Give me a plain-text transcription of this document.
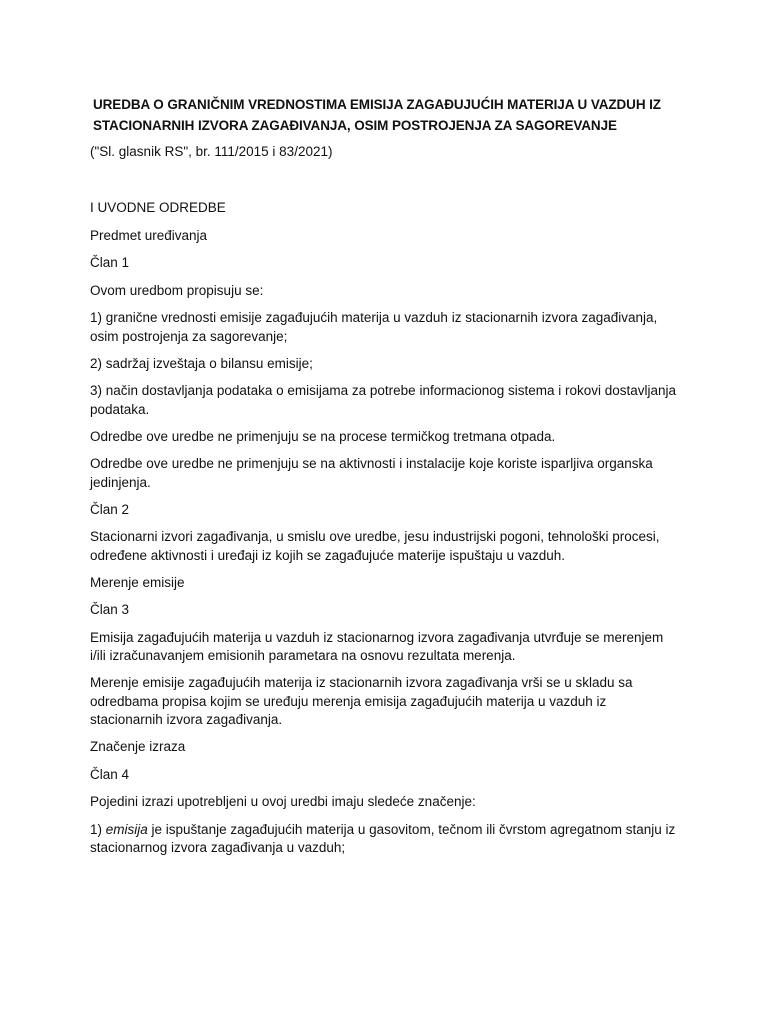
UREDBA O GRANIČNIM VREDNOSTIMA EMISIJA ZAGAĐUJUĆIH MATERIJA U VAZDUH IZ STACIONARNIH IZVORA ZAGAĐIVANJA, OSIM POSTROJENJA ZA SAGOREVANJE
("Sl. glasnik RS", br. 111/2015 i 83/2021)

I UVODNE ODREDBE

Predmet uređivanja

Član 1

Ovom uredbom propisuju se:

1) granične vrednosti emisije zagađujućih materija u vazduh iz stacionarnih izvora zagađivanja, osim postrojenja za sagorevanje;

2) sadržaj izveštaja o bilansu emisije;

3) način dostavljanja podataka o emisijama za potrebe informacionog sistema i rokovi dostavljanja podataka.

Odredbe ove uredbe ne primenjuju se na procese termičkog tretmana otpada.

Odredbe ove uredbe ne primenjuju se na aktivnosti i instalacije koje koriste isparljiva organska jedinjenja.

Član 2

Stacionarni izvori zagađivanja, u smislu ove uredbe, jesu industrijski pogoni, tehnološki procesi, određene aktivnosti i uređaji iz kojih se zagađujuće materije ispuštaju u vazduh.

Merenje emisije

Član 3

Emisija zagađujućih materija u vazduh iz stacionarnog izvora zagađivanja utvrđuje se merenjem i/ili izračunavanjem emisionih parametara na osnovu rezultata merenja.

Merenje emisije zagađujućih materija iz stacionarnih izvora zagađivanja vrši se u skladu sa odredbama propisa kojim se uređuju merenja emisija zagađujućih materija u vazduh iz stacionarnih izvora zagađivanja.

Značenje izraza

Član 4

Pojedini izrazi upotrebljeni u ovoj uredbi imaju sledeće značenje:

1) emisija je ispuštanje zagađujućih materija u gasovitom, tečnom ili čvrstom agregatnom stanju iz stacionarnog izvora zagađivanja u vazduh;
